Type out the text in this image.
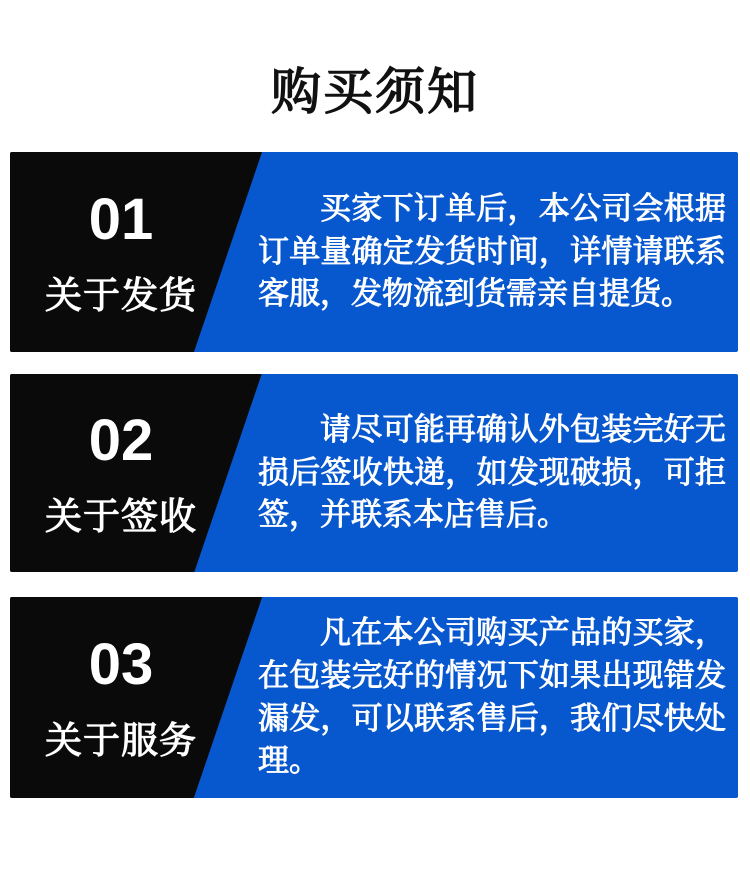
购买须知
01
关于发货

买家下订单后，本公司会根据订单量确定发货时间，详情请联系客服，发物流到货需亲自提货。

02
关于签收

请尽可能再确认外包装完好无损后签收快递，如发现破损，可拒签，并联系本店售后。

03
关于服务

凡在本公司购买产品的买家，在包装完好的情况下如果出现错发漏发，可以联系售后，我们尽快处理。
